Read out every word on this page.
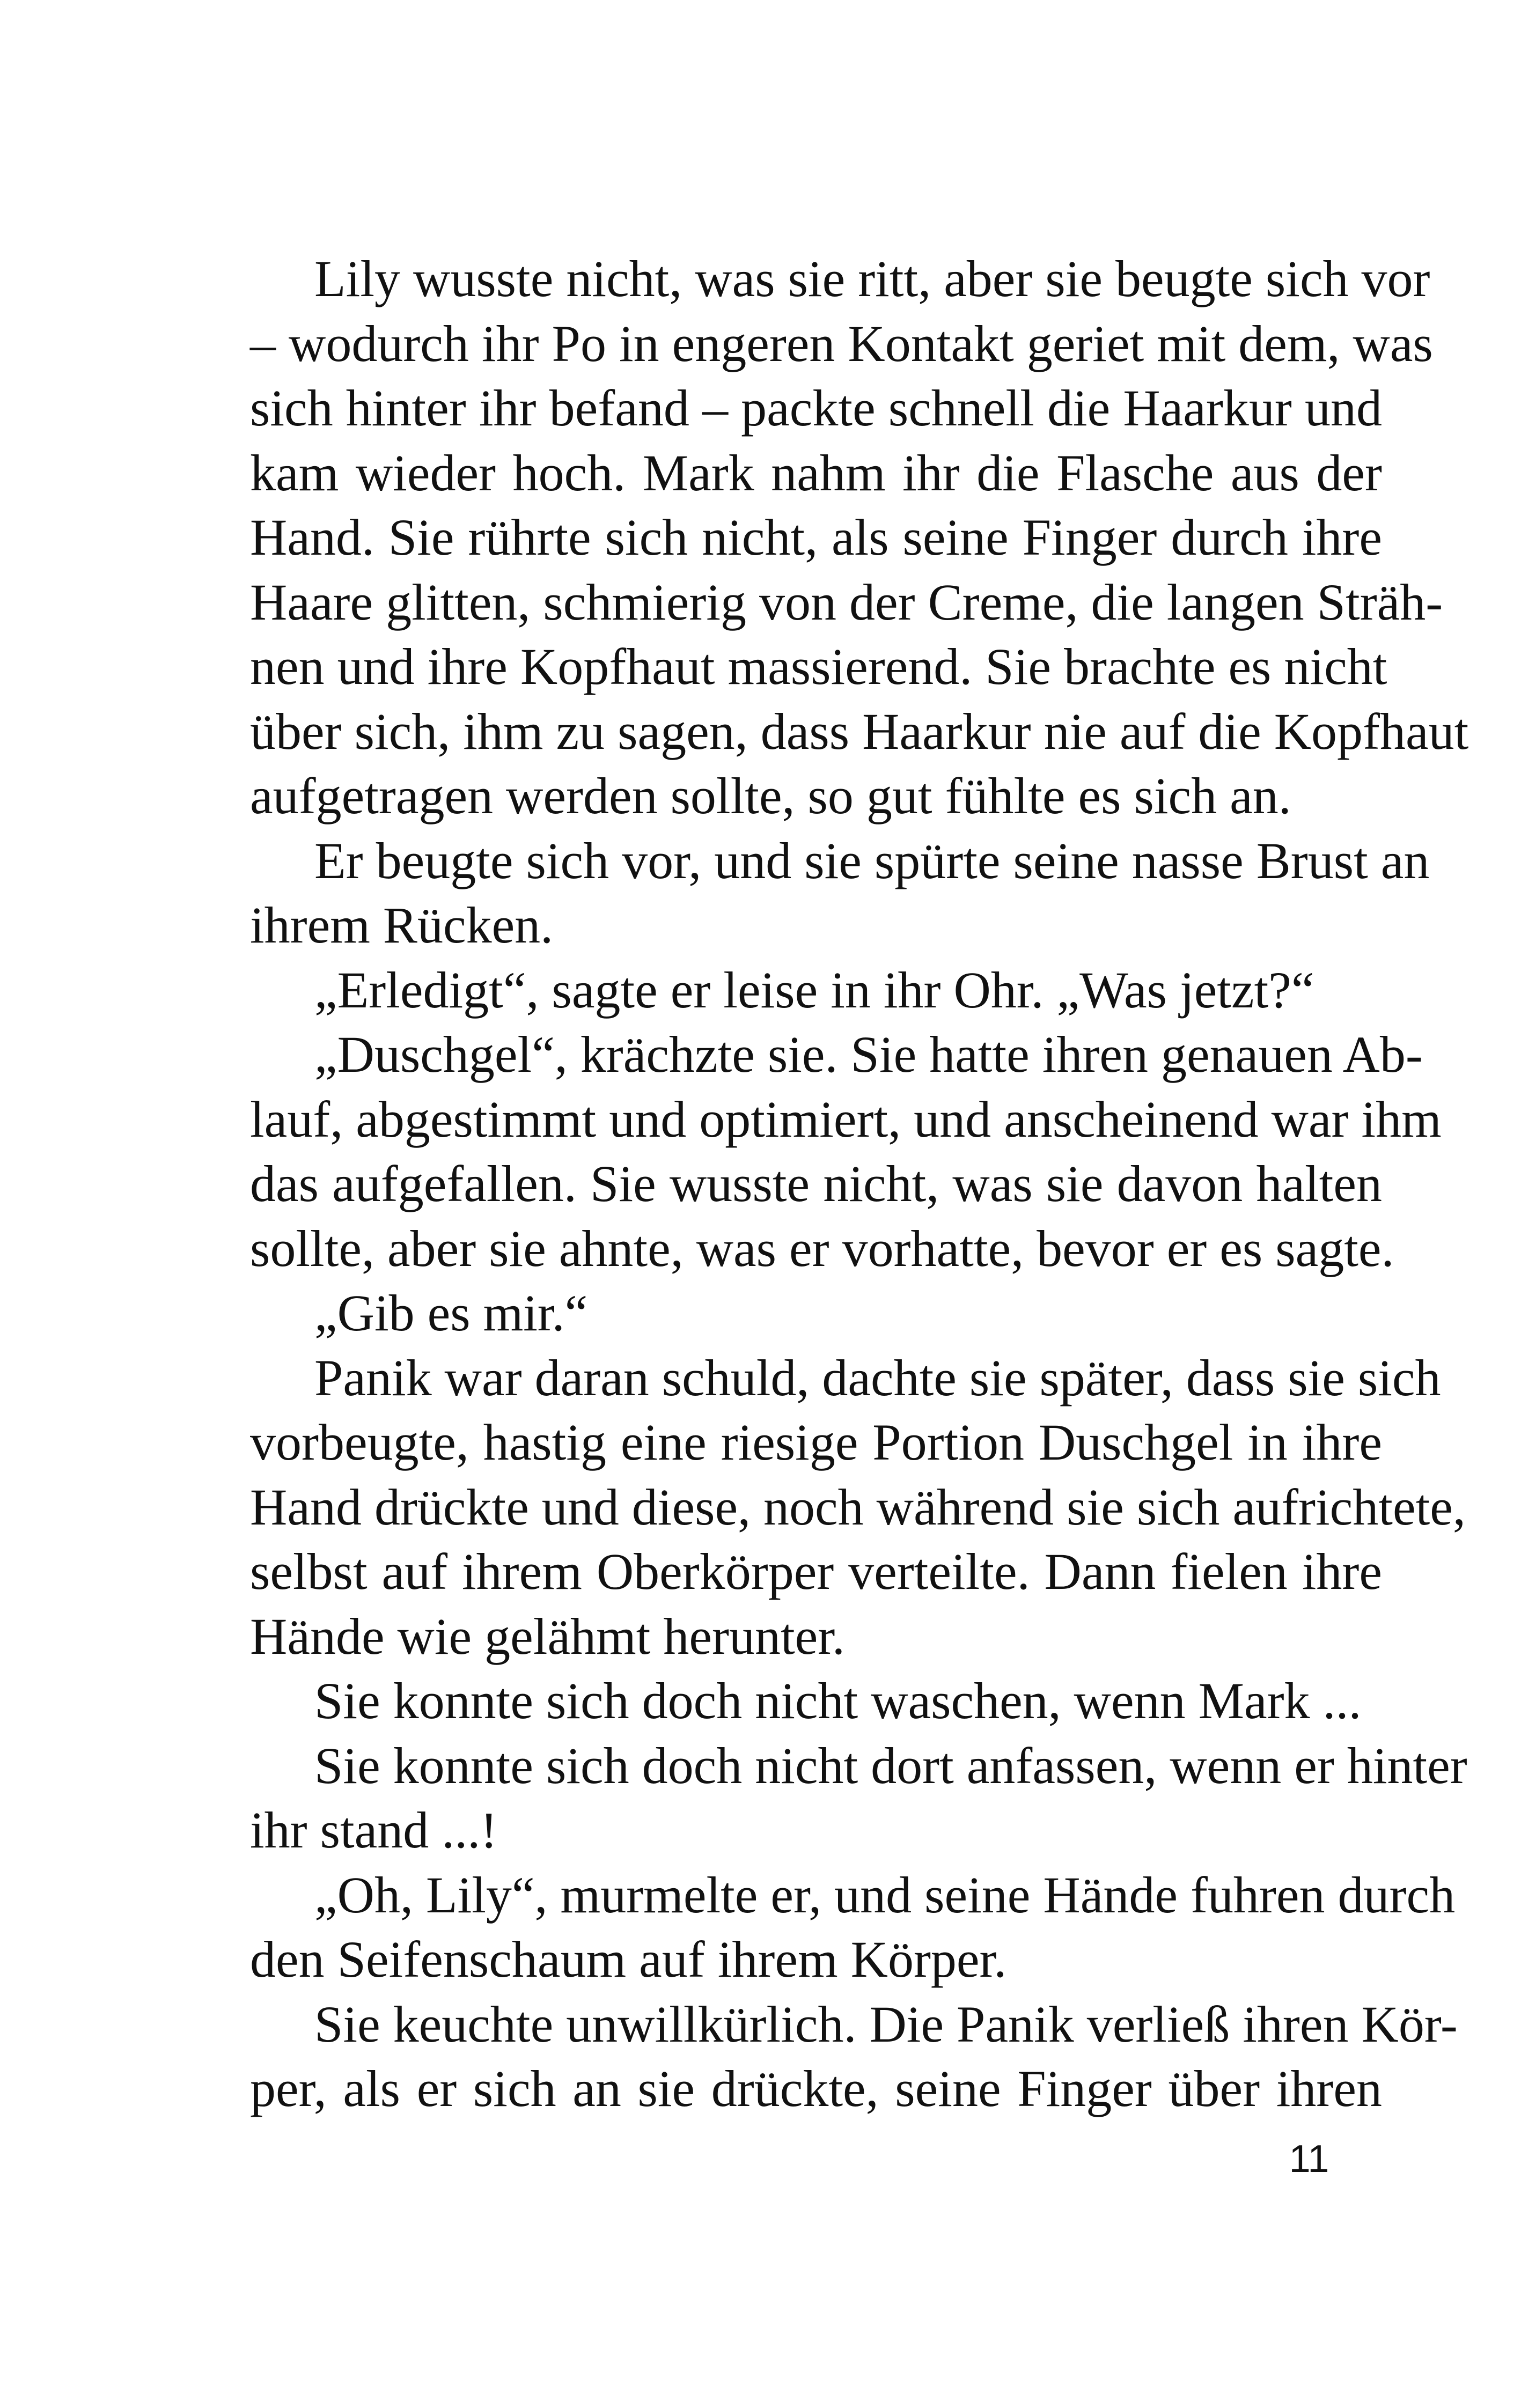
Lily wusste nicht, was sie ritt, aber sie beugte sich vor
– wodurch ihr Po in engeren Kontakt geriet mit dem, was
sich hinter ihr befand – packte schnell die Haarkur und
kam wieder hoch. Mark nahm ihr die Flasche aus der
Hand. Sie rührte sich nicht, als seine Finger durch ihre
Haare glitten, schmierig von der Creme, die langen Sträh-
nen und ihre Kopfhaut massierend. Sie brachte es nicht
über sich, ihm zu sagen, dass Haarkur nie auf die Kopfhaut
aufgetragen werden sollte, so gut fühlte es sich an.
Er beugte sich vor, und sie spürte seine nasse Brust an
ihrem Rücken.
„Erledigt“, sagte er leise in ihr Ohr. „Was jetzt?“
„Duschgel“, krächzte sie. Sie hatte ihren genauen Ab-
lauf, abgestimmt und optimiert, und anscheinend war ihm
das aufgefallen. Sie wusste nicht, was sie davon halten
sollte, aber sie ahnte, was er vorhatte, bevor er es sagte.
„Gib es mir.“
Panik war daran schuld, dachte sie später, dass sie sich
vorbeugte, hastig eine riesige Portion Duschgel in ihre
Hand drückte und diese, noch während sie sich aufrichtete,
selbst auf ihrem Oberkörper verteilte. Dann fielen ihre
Hände wie gelähmt herunter.
Sie konnte sich doch nicht waschen, wenn Mark ...
Sie konnte sich doch nicht dort anfassen, wenn er hinter
ihr stand ...!
„Oh, Lily“, murmelte er, und seine Hände fuhren durch
den Seifenschaum auf ihrem Körper.
Sie keuchte unwillkürlich. Die Panik verließ ihren Kör-
per, als er sich an sie drückte, seine Finger über ihren
11
